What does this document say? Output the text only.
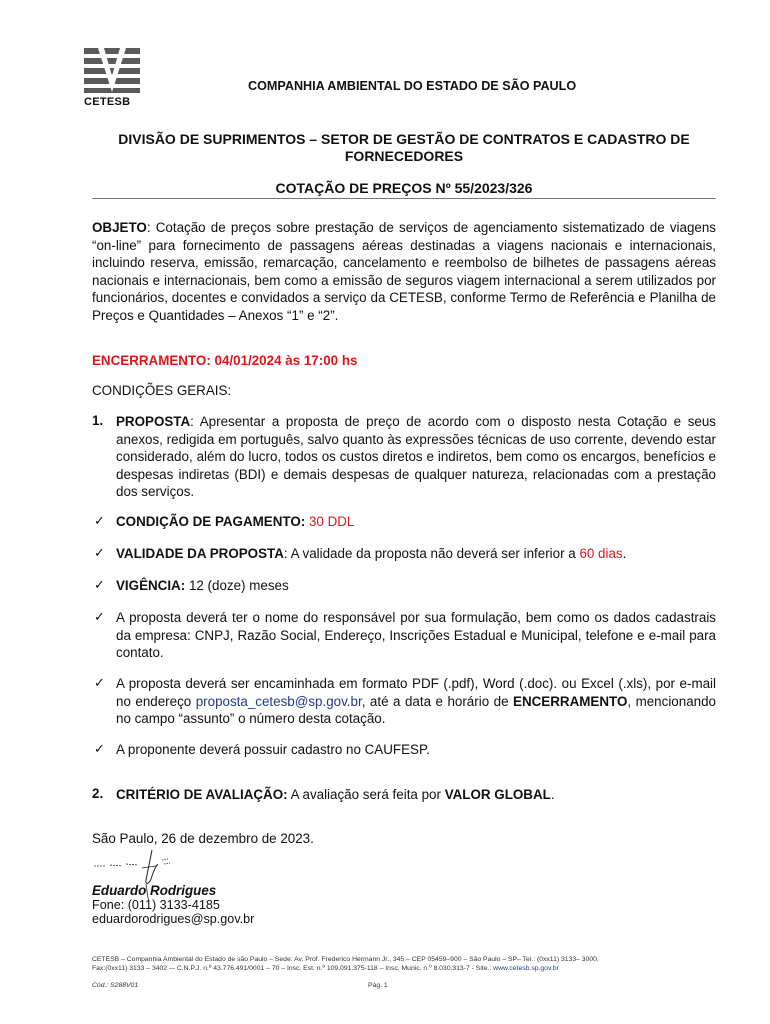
CETESB
COMPANHIA AMBIENTAL DO ESTADO DE SÃO PAULO
DIVISÃO DE SUPRIMENTOS – SETOR DE GESTÃO DE CONTRATOS E CADASTRO DE FORNECEDORES
COTAÇÃO DE PREÇOS Nº 55/2023/326
OBJETO: Cotação de preços sobre prestação de serviços de agenciamento sistematizado de viagens “on-line” para fornecimento de passagens aéreas destinadas a viagens nacionais e internacionais, incluindo reserva, emissão, remarcação, cancelamento e reembolso de bilhetes de passagens aéreas nacionais e internacionais, bem como a emissão de seguros viagem internacional a serem utilizados por funcionários, docentes e convidados a serviço da CETESB, conforme Termo de Referência e Planilha de Preços e Quantidades – Anexos “1” e “2”.
ENCERRAMENTO: 04/01/2024 às 17:00 hs
CONDIÇÕES GERAIS:
1. PROPOSTA: Apresentar a proposta de preço de acordo com o disposto nesta Cotação e seus anexos, redigida em português, salvo quanto às expressões técnicas de uso corrente, devendo estar considerado, além do lucro, todos os custos diretos e indiretos, bem como os encargos, benefícios e despesas indiretas (BDI) e demais despesas de qualquer natureza, relacionadas com a prestação dos serviços.
✓ CONDIÇÃO DE PAGAMENTO: 30 DDL
✓ VALIDADE DA PROPOSTA: A validade da proposta não deverá ser inferior a 60 dias.
✓ VIGÊNCIA: 12 (doze) meses
✓ A proposta deverá ter o nome do responsável por sua formulação, bem como os dados cadastrais da empresa: CNPJ, Razão Social, Endereço, Inscrições Estadual e Municipal, telefone e e-mail para contato.
✓ A proposta deverá ser encaminhada em formato PDF (.pdf), Word (.doc). ou Excel (.xls), por e-mail no endereço proposta_cetesb@sp.gov.br, até a data e horário de ENCERRAMENTO, mencionando no campo “assunto” o número desta cotação.
✓ A proponente deverá possuir cadastro no CAUFESP.
2. CRITÉRIO DE AVALIAÇÃO: A avaliação será feita por VALOR GLOBAL.
São Paulo, 26 de dezembro de 2023.
Eduardo Rodrigues
Fone: (011) 3133-4185
eduardorodrigues@sp.gov.br
CETESB – Companhia Ambiental do Estado de são Paulo – Sede: Av. Prof. Frederico Hermann Jr., 345 – CEP 05459–900 – São Paulo – SP– Tel.: (0xx11) 3133– 3000,
Fax:(0xx11) 3133 – 3402 –- C.N.P.J. n.º 43.776.491/0001 – 70 – Insc. Est. n.º 109.091.375-118 – Insc. Munic. n.º 8.030.313-7 - Site.: www.cetesb.sp.gov.br
Cód.: S288V01	Pág. 1
